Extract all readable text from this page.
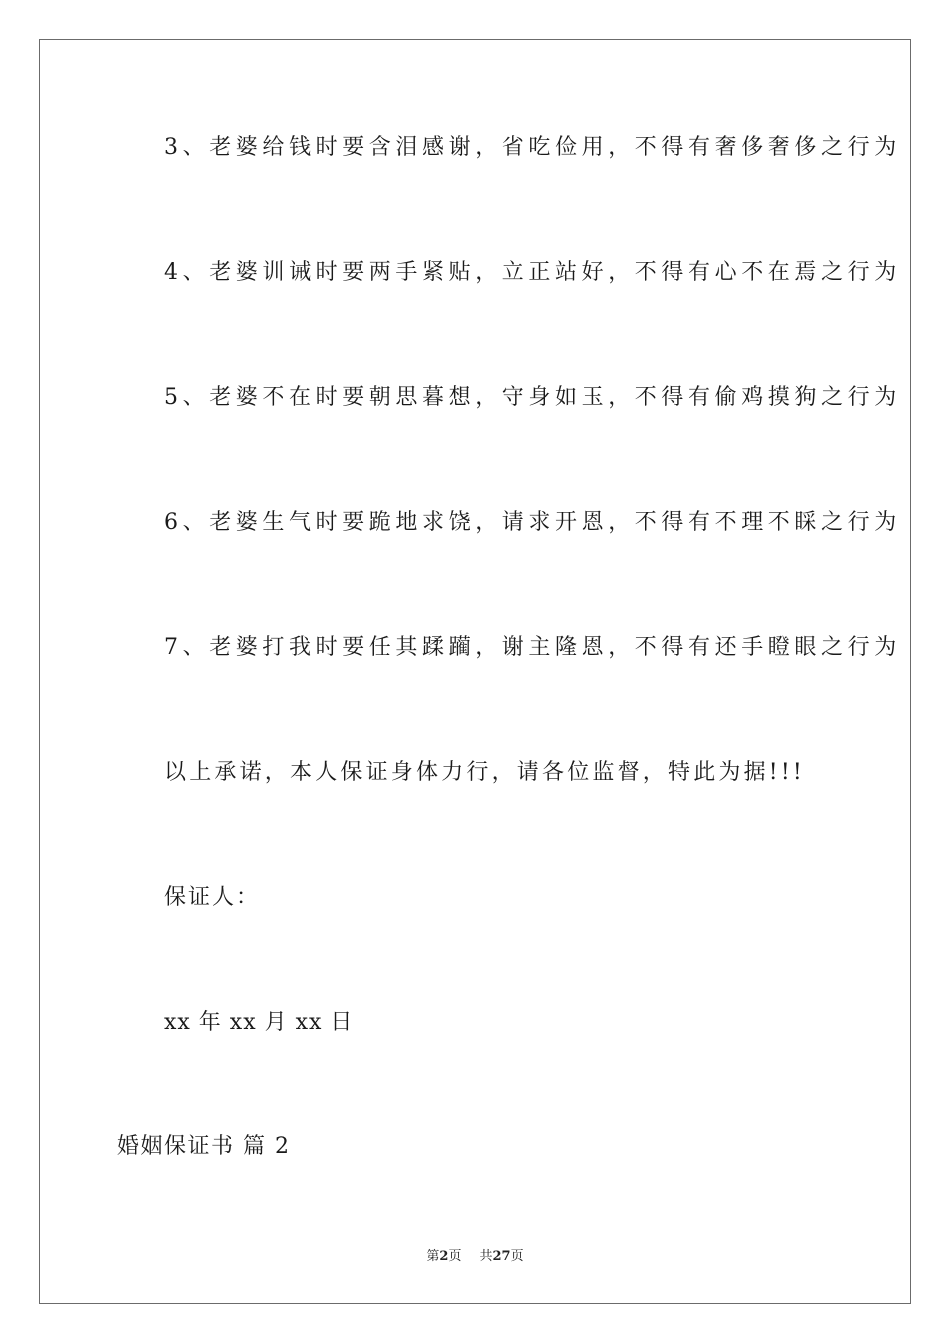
3、老婆给钱时要含泪感谢，省吃俭用，不得有奢侈奢侈之行为
4、老婆训诫时要两手紧贴，立正站好，不得有心不在焉之行为
5、老婆不在时要朝思暮想，守身如玉，不得有偷鸡摸狗之行为
6、老婆生气时要跪地求饶，请求开恩，不得有不理不睬之行为
7、老婆打我时要任其蹂躏，谢主隆恩，不得有还手瞪眼之行为
以上承诺，本人保证身体力行，请各位监督，特此为据!!!
保证人：
xx 年 xx 月 xx 日
婚姻保证书 篇 2
第2页 共27页
